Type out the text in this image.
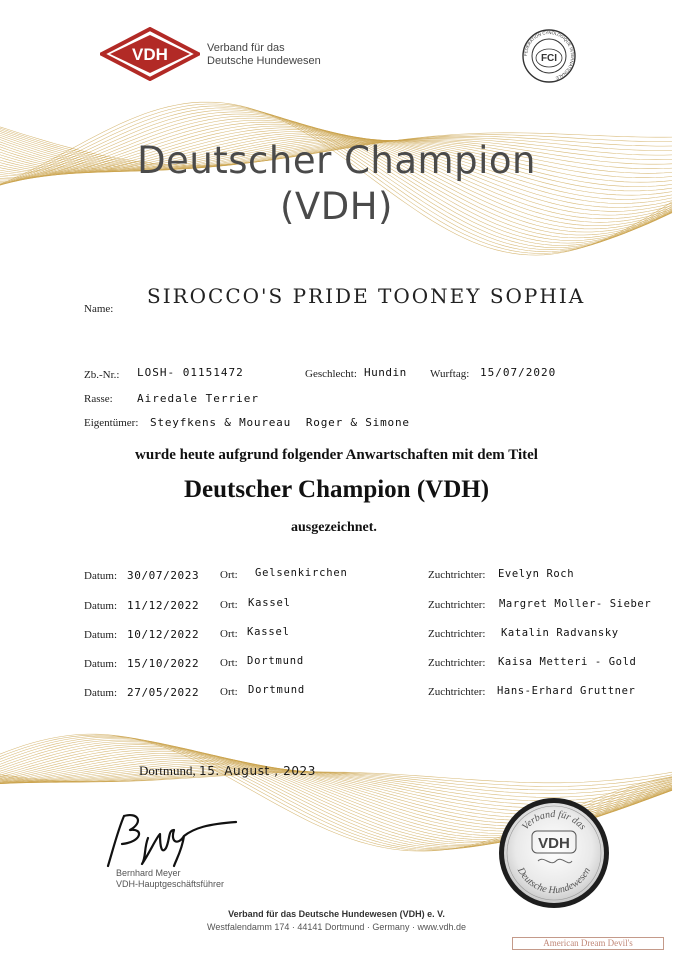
VDH	Verband für das
Deutsche Hundewesen
FEDERATION CYNOLOGIQUE INTERNATIONALE
FCI
Deutscher Champion
(VDH)
Name:
SIROCCO'S PRIDE TOONEY SOPHIA
Zb.-Nr.: LOSH- 01151472	Geschlecht: Hundin Wurftag: 15/07/2020
Rasse: Airedale Terrier
Eigentümer: Steyfkens & Moureau  Roger & Simone
wurde heute aufgrund folgender Anwartschaften mit dem Titel
Deutscher Champion (VDH)
ausgezeichnet.
Datum: 30/07/2023 Ort: Gelsenkirchen	Zuchtrichter: Evelyn Roch
Datum: 11/12/2022 Ort: Kassel	Zuchtrichter: Margret Moller- Sieber
Datum: 10/12/2022 Ort: Kassel	Zuchtrichter: Katalin Radvansky
Datum: 15/10/2022 Ort: Dortmund	Zuchtrichter: Kaisa Metteri - Gold
Datum: 27/05/2022 Ort: Dortmund	Zuchtrichter: Hans-Erhard Gruttner
Dortmund, 15. August , 2023
Bernhard Meyer
VDH-Hauptgeschäftsführer
Verband für das
Deutsche Hundewesen
VDH
Verband für das Deutsche Hundewesen (VDH) e. V.
Westfalendamm 174 · 44141 Dortmund · Germany · www.vdh.de
American Dream Devil's
